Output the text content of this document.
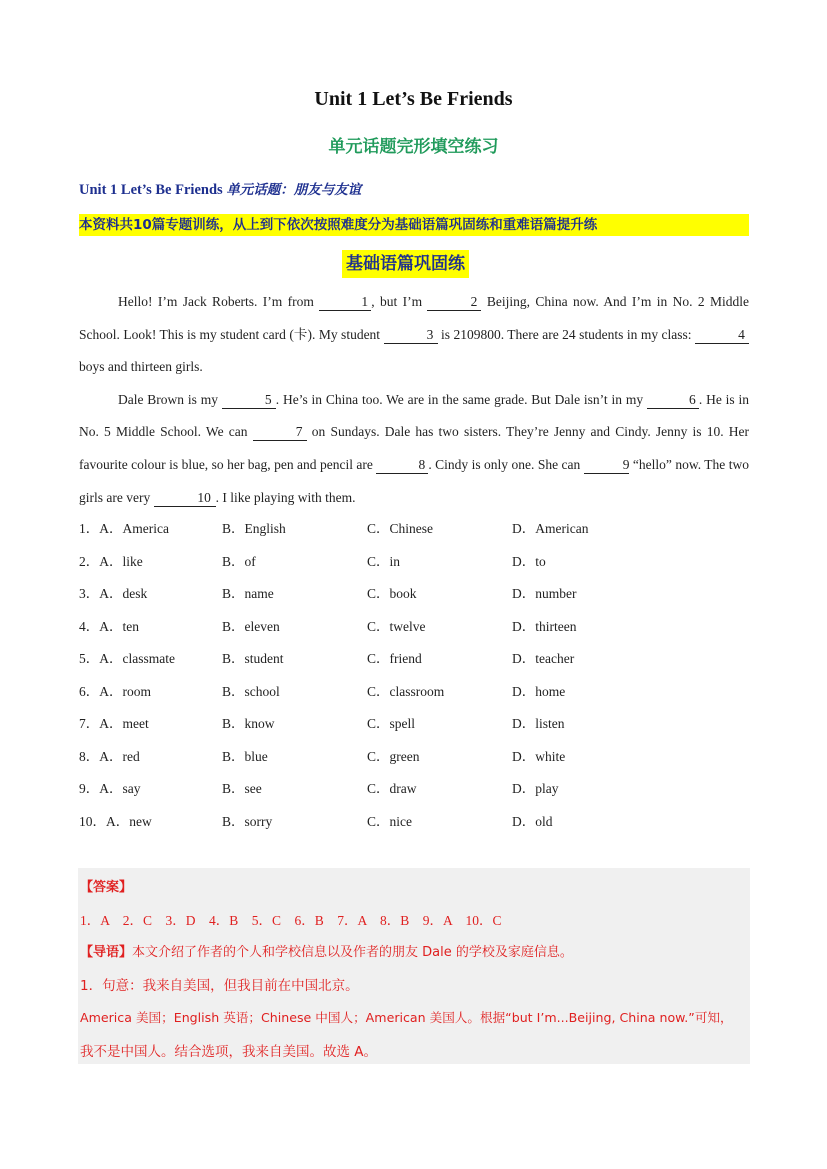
Unit 1 Let’s Be Friends
单元话题完形填空练习
Unit 1 Let’s Be Friends 单元话题：朋友与友谊
本资料共10篇专题训练，从上到下依次按照难度分为基础语篇巩固练和重难语篇提升练
基础语篇巩固练

Hello! I’m Jack Roberts. I’m from	1 , but I’m	2 Beijing, China now. And I’m in No. 2 Middle School. Look! This is my student card (卡). My student	3 is 2109800. There are 24 students in my class:	4 boys and thirteen girls.

Dale Brown is my	5 . He’s in China too. We are in the same grade. But Dale isn’t in my	6 . He is in No. 5 Middle School. We can	7 on Sundays. Dale has two sisters. They’re Jenny and Cindy. Jenny is 10. Her favourite colour is blue, so her bag, pen and pencil are	8 . Cindy is only one. She can	9 “hello” now. The two girls are very	10 . I like playing with them.

1．A．America	B．English	C．Chinese	D．American
2．A．like	B．of	C．in	D．to
3．A．desk	B．name	C．book	D．number
4．A．ten	B．eleven	C．twelve	D．thirteen
5．A．classmate	B．student	C．friend	D．teacher
6．A．room	B．school	C．classroom	D．home
7．A．meet	B．know	C．spell	D．listen
8．A．red	B．blue	C．green	D．white
9．A．say	B．see	C．draw	D．play
10．A．new	B．sorry	C．nice	D．old
【答案】
1．A    2．C    3．D    4．B    5．C    6．B    7．A    8．B    9．A    10．C
【导语】本文介绍了作者的个人和学校信息以及作者的朋友 Dale 的学校及家庭信息。
1．句意：我来自美国，但我目前在中国北京。
America 美国；English 英语；Chinese 中国人；American 美国人。根据“but I’m...Beijing, China now.”可知，
我不是中国人。结合选项，我来自美国。故选 A。
